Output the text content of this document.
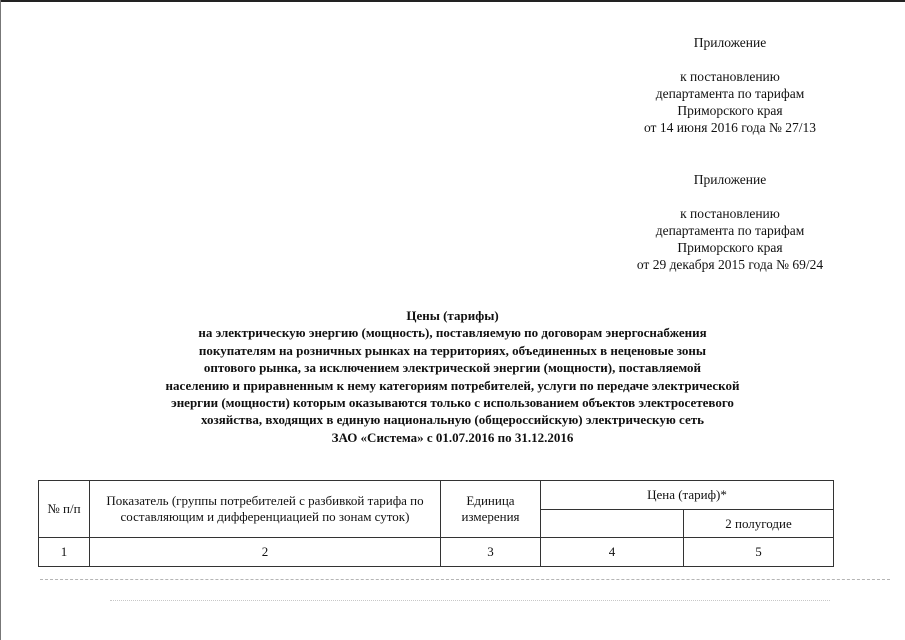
Приложение
к постановлению
департамента по тарифам
Приморского края
от 14 июня 2016 года № 27/13
Приложение
к постановлению
департамента по тарифам
Приморского края
от 29 декабря 2015 года № 69/24
Цены (тарифы)
на электрическую энергию (мощность), поставляемую по договорам энергоснабжения
покупателям на розничных рынках на территориях, объединенных в неценовые зоны
оптового рынка, за исключением электрической энергии (мощности), поставляемой
населению и приравненным к нему категориям потребителей, услуги по передаче электрической
энергии (мощности) которым оказываются только с использованием объектов электросетевого
хозяйства, входящих в единую национальную (общероссийскую) электрическую сеть
ЗАО «Система» с 01.07.2016 по 31.12.2016
№ п/п	Показатель (группы потребителей с разбивкой тарифа по составляющим и дифференциацией по зонам суток)	Единица измерения	Цена (тариф)*	
				2 полугодие
1	2	3	4	5
